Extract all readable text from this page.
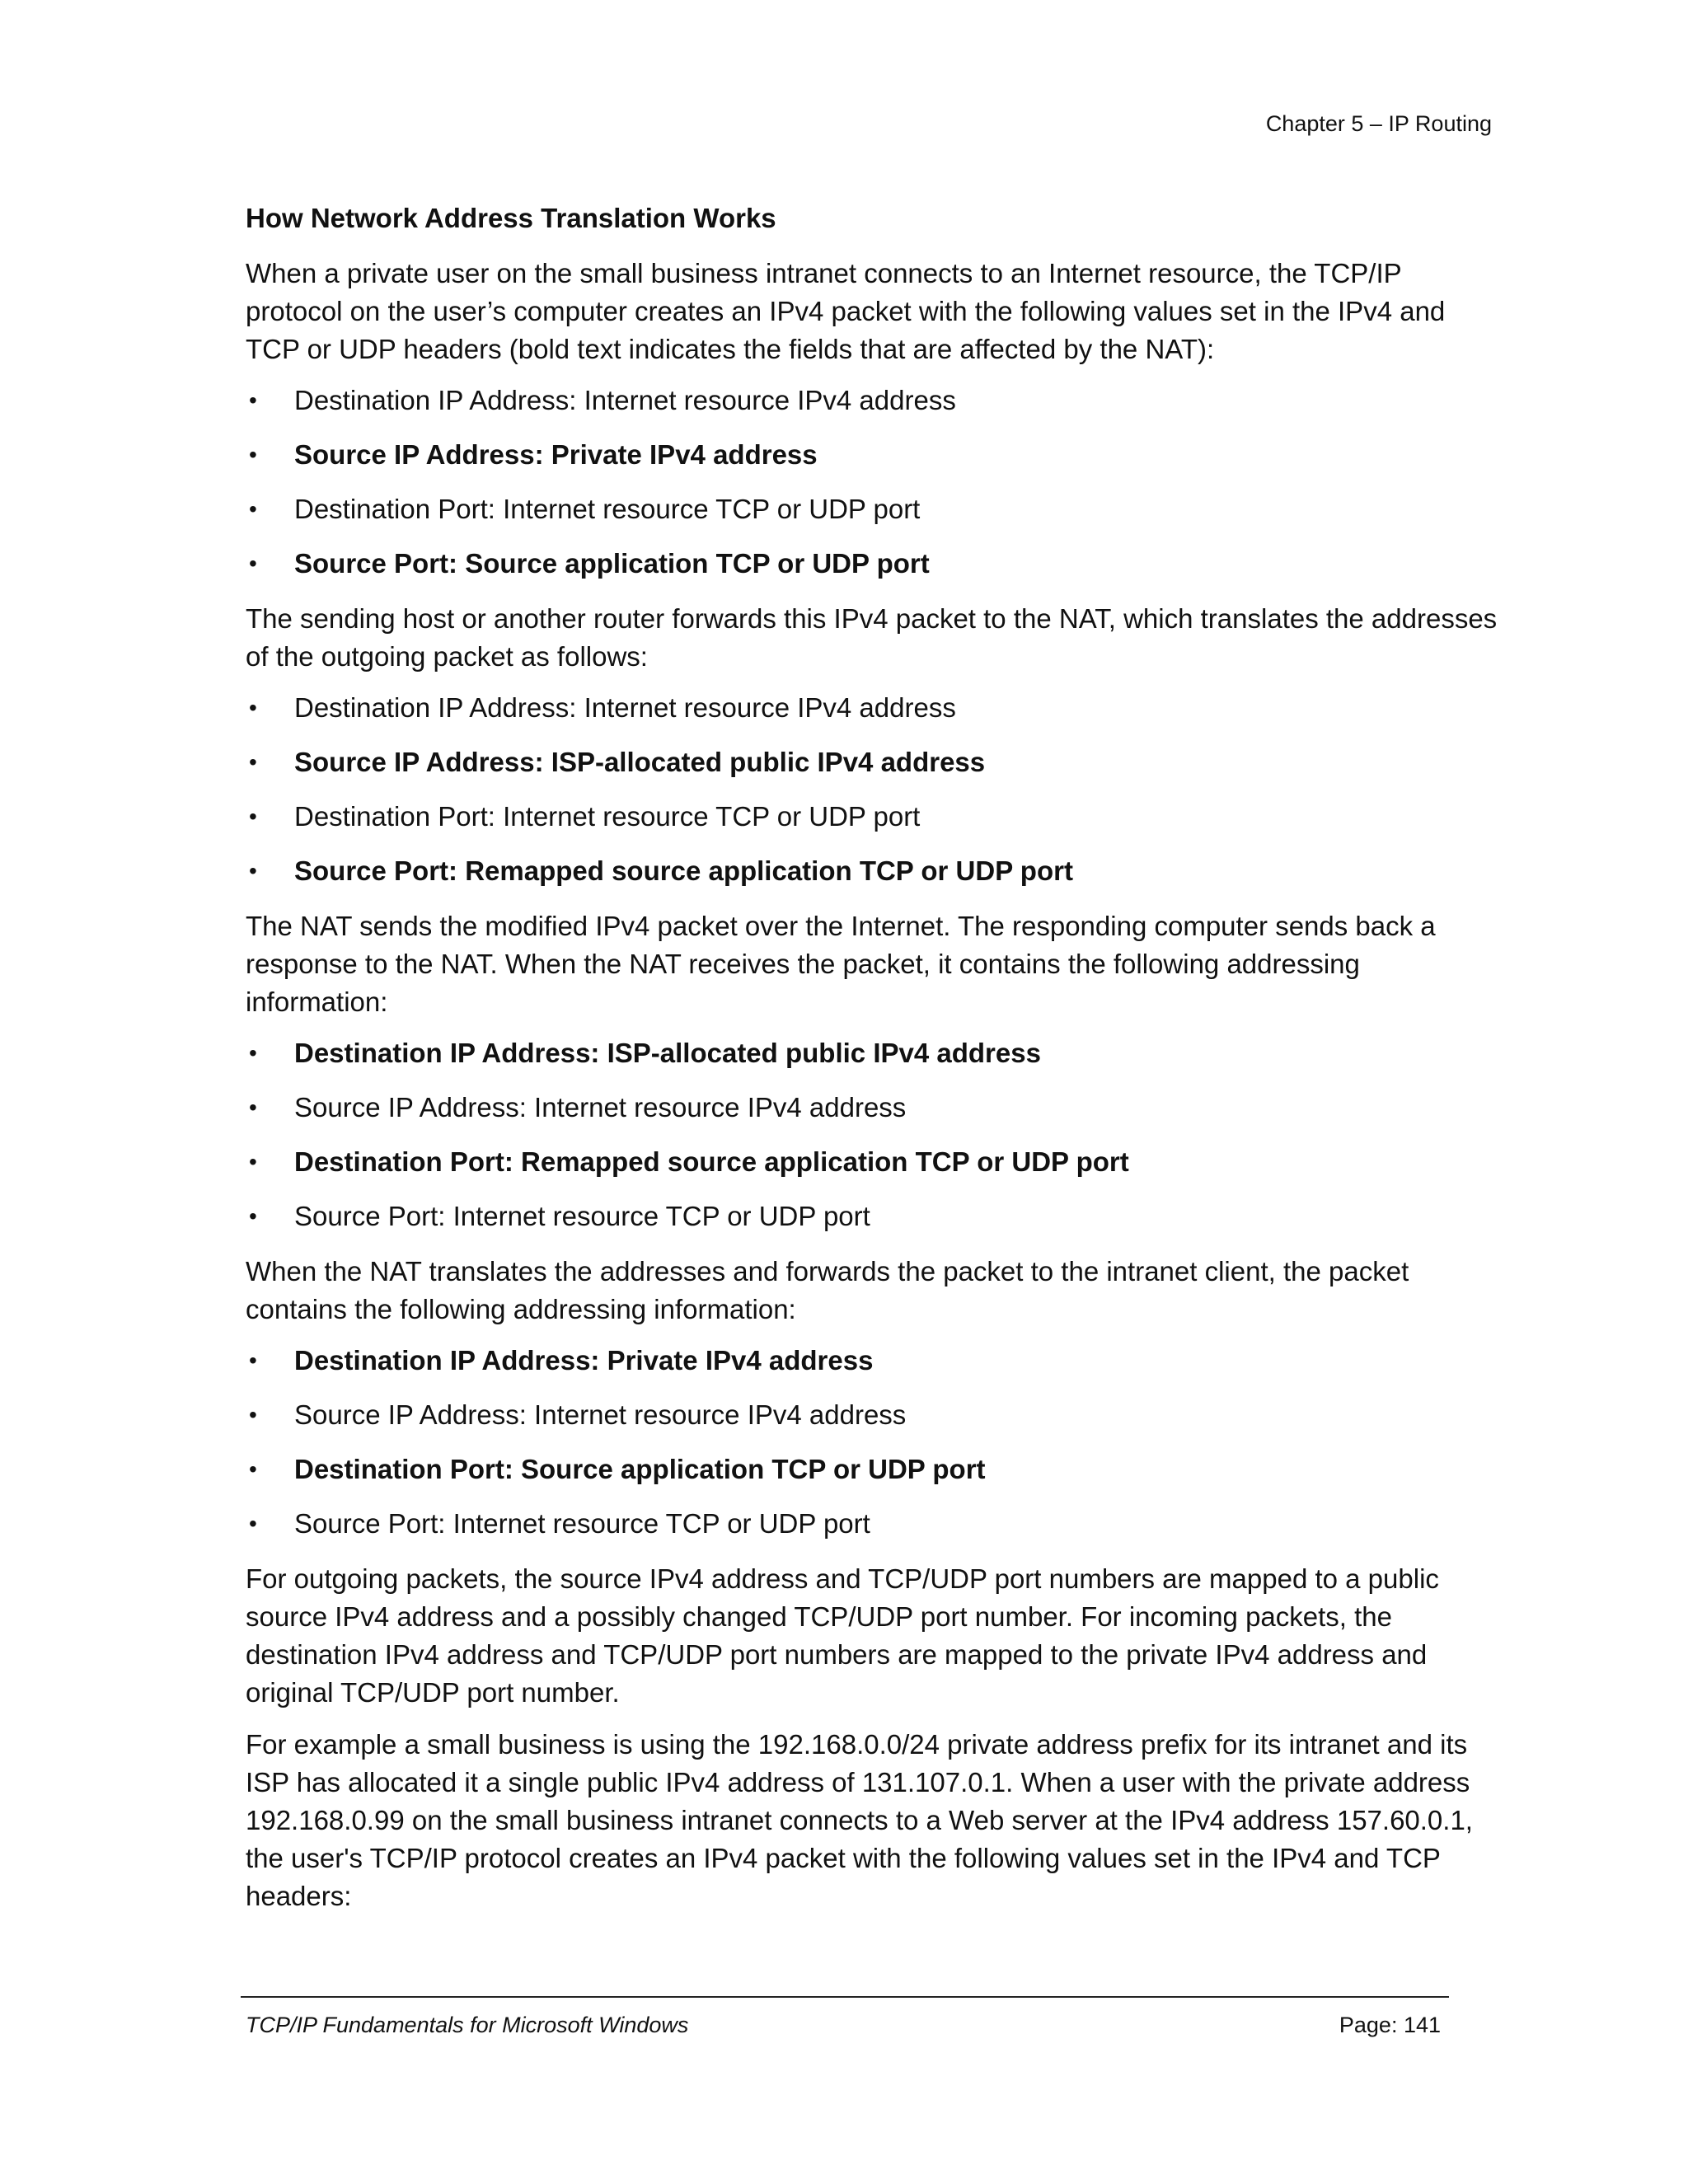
Chapter 5 – IP Routing
How Network Address Translation Works

When a private user on the small business intranet connects to an Internet resource, the TCP/IP protocol on the user’s computer creates an IPv4 packet with the following values set in the IPv4 and TCP or UDP headers (bold text indicates the fields that are affected by the NAT):

• Destination IP Address: Internet resource IPv4 address
• Source IP Address: Private IPv4 address
• Destination Port: Internet resource TCP or UDP port
• Source Port: Source application TCP or UDP port

The sending host or another router forwards this IPv4 packet to the NAT, which translates the addresses of the outgoing packet as follows:

• Destination IP Address: Internet resource IPv4 address
• Source IP Address: ISP-allocated public IPv4 address
• Destination Port: Internet resource TCP or UDP port
• Source Port: Remapped source application TCP or UDP port

The NAT sends the modified IPv4 packet over the Internet. The responding computer sends back a response to the NAT. When the NAT receives the packet, it contains the following addressing information:

• Destination IP Address: ISP-allocated public IPv4 address
• Source IP Address: Internet resource IPv4 address
• Destination Port: Remapped source application TCP or UDP port
• Source Port: Internet resource TCP or UDP port

When the NAT translates the addresses and forwards the packet to the intranet client, the packet contains the following addressing information:

• Destination IP Address: Private IPv4 address
• Source IP Address: Internet resource IPv4 address
• Destination Port: Source application TCP or UDP port
• Source Port: Internet resource TCP or UDP port

For outgoing packets, the source IPv4 address and TCP/UDP port numbers are mapped to a public source IPv4 address and a possibly changed TCP/UDP port number. For incoming packets, the destination IPv4 address and TCP/UDP port numbers are mapped to the private IPv4 address and original TCP/UDP port number.

For example a small business is using the 192.168.0.0/24 private address prefix for its intranet and its ISP has allocated it a single public IPv4 address of 131.107.0.1. When a user with the private address 192.168.0.99 on the small business intranet connects to a Web server at the IPv4 address 157.60.0.1, the user's TCP/IP protocol creates an IPv4 packet with the following values set in the IPv4 and TCP headers:

TCP/IP Fundamentals for Microsoft Windows	Page: 141
